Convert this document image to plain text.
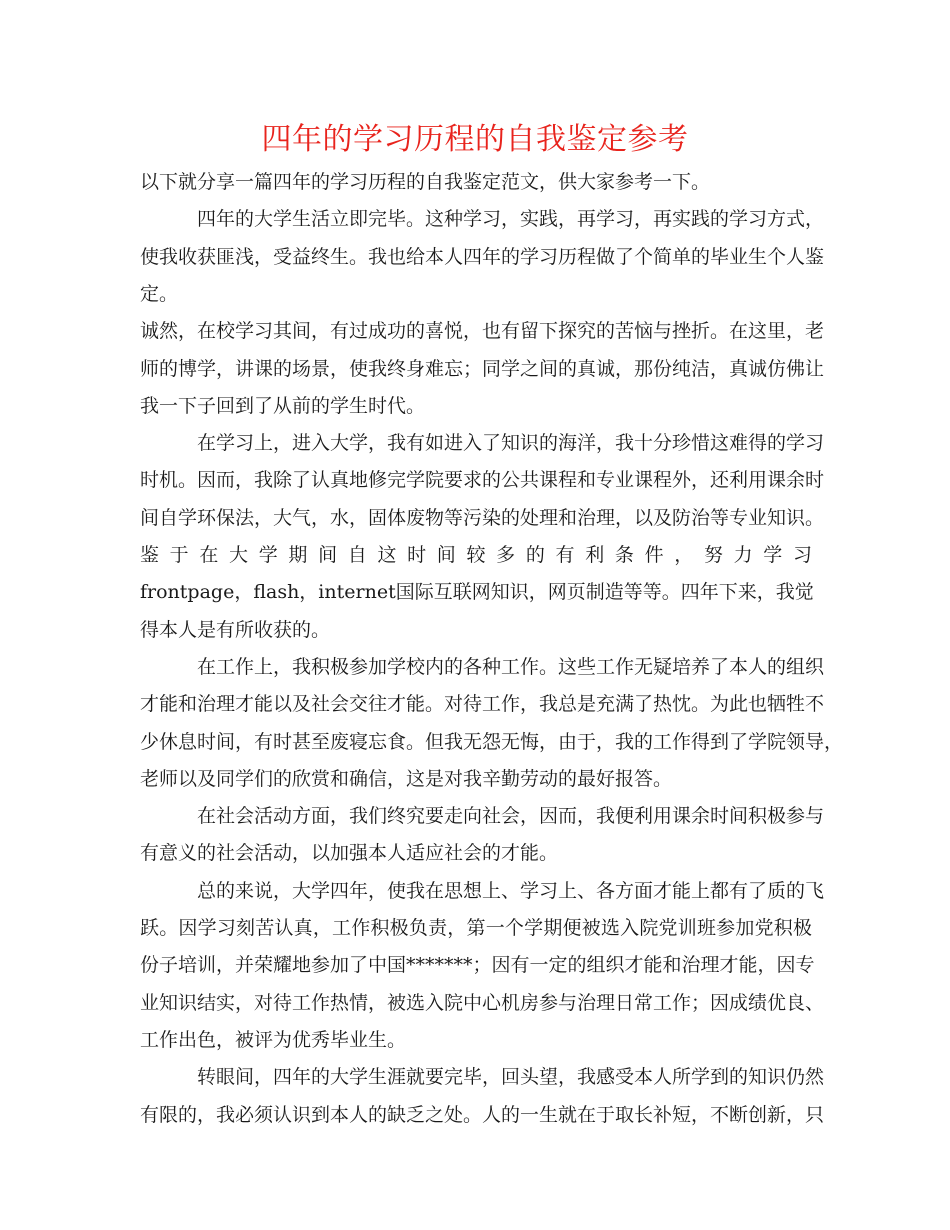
四年的学习历程的自我鉴定参考
以下就分享一篇四年的学习历程的自我鉴定范文，供大家参考一下。
四年的大学生活立即完毕。这种学习，实践，再学习，再实践的学习方式，
使我收获匪浅，受益终生。我也给本人四年的学习历程做了个简单的毕业生个人鉴
定。
诚然，在校学习其间，有过成功的喜悦，也有留下探究的苦恼与挫折。在这里，老
师的博学，讲课的场景，使我终身难忘；同学之间的真诚，那份纯洁，真诚仿佛让
我一下子回到了从前的学生时代。
在学习上，进入大学，我有如进入了知识的海洋，我十分珍惜这难得的学习
时机。因而，我除了认真地修完学院要求的公共课程和专业课程外，还利用课余时
间自学环保法，大气，水，固体废物等污染的处理和治理，以及防治等专业知识。
鉴于在大学期间自这时间较多的有利条件，努力学习
frontpage，flash，internet国际互联网知识，网页制造等等。四年下来，我觉
得本人是有所收获的。
在工作上，我积极参加学校内的各种工作。这些工作无疑培养了本人的组织
才能和治理才能以及社会交往才能。对待工作，我总是充满了热忱。为此也牺牲不
少休息时间，有时甚至废寝忘食。但我无怨无悔，由于，我的工作得到了学院领导，
老师以及同学们的欣赏和确信，这是对我辛勤劳动的最好报答。
在社会活动方面，我们终究要走向社会，因而，我便利用课余时间积极参与
有意义的社会活动，以加强本人适应社会的才能。
总的来说，大学四年，使我在思想上、学习上、各方面才能上都有了质的飞
跃。因学习刻苦认真，工作积极负责，第一个学期便被选入院党训班参加党积极
份子培训，并荣耀地参加了中国*******；因有一定的组织才能和治理才能，因专
业知识结实，对待工作热情，被选入院中心机房参与治理日常工作；因成绩优良、
工作出色，被评为优秀毕业生。
转眼间，四年的大学生涯就要完毕，回头望，我感受本人所学到的知识仍然
有限的，我必须认识到本人的缺乏之处。人的一生就在于取长补短，不断创新，只
